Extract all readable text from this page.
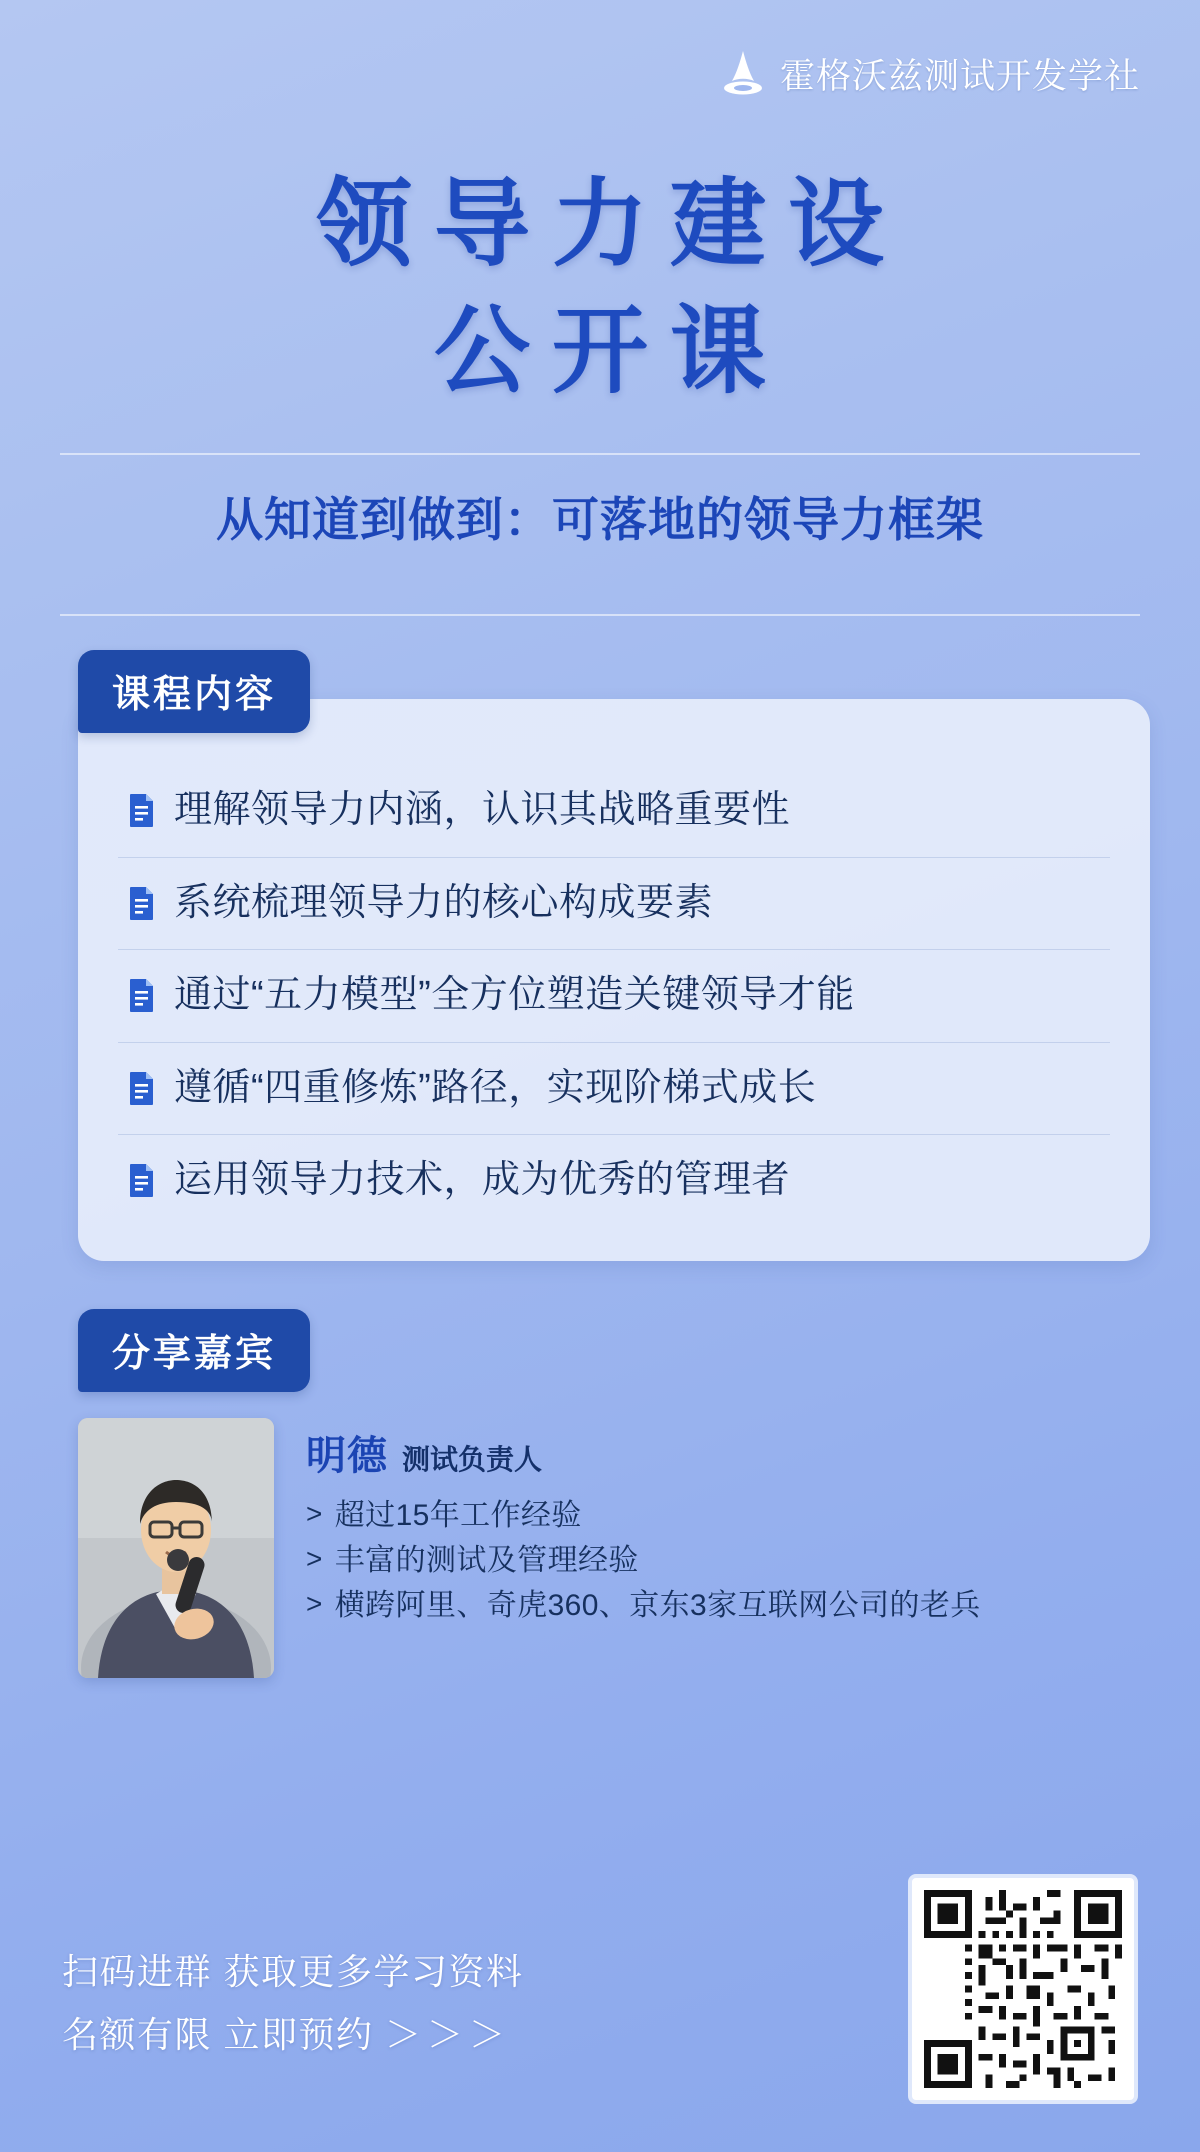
霍格沃兹测试开发学社
领导力建设
公开课
从知道到做到：可落地的领导力框架
课程内容
理解领导力内涵，认识其战略重要性
系统梳理领导力的核心构成要素
通过“五力模型”全方位塑造关键领导才能
遵循“四重修炼”路径，实现阶梯式成长
运用领导力技术，成为优秀的管理者
分享嘉宾
明德 测试负责人
> 超过15年工作经验
> 丰富的测试及管理经验
> 横跨阿里、奇虎360、京东3家互联网公司的老兵
扫码进群 获取更多学习资料
名额有限 立即预约 ＞＞＞
